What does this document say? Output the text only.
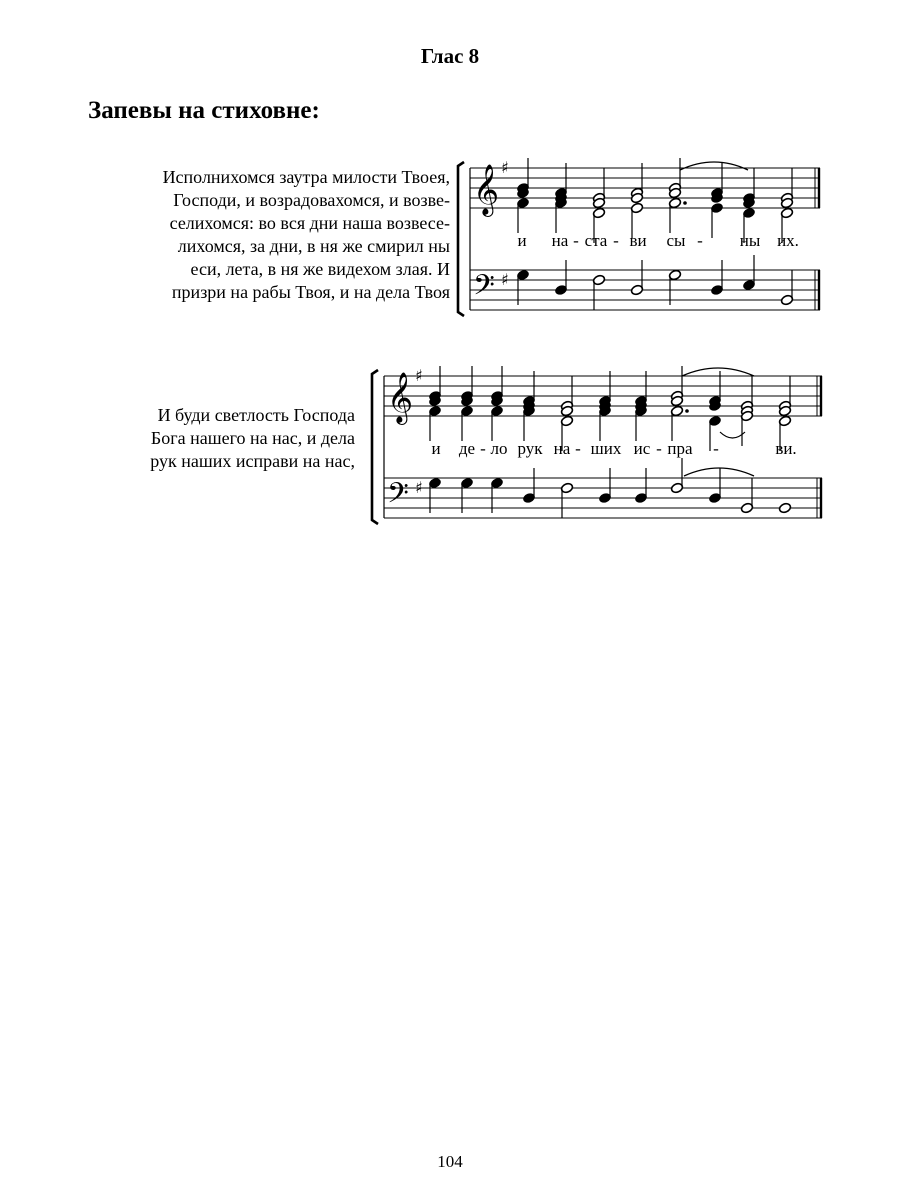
Глас 8
Запевы на стиховне:

Исполнихомся заутра милости Твоея,
Господи, и возрадовахомся, и возве-
селихомся: во вся дни наша возвесе-
лихомся, за дни, в ня же смирил ны
еси, лета, в ня же видехом злая. И
призри на рабы Твоя, и на дела Твоя

𝄞
𝄢
♯
♯
и на - ста - ви сы - ны их.

И буди светлость Господа
Бога нашего на нас, и дела
рук наших исправи на нас,

𝄞
𝄢
♯
♯
и де - ло рук на - ших ис - пра -	ви.
104
